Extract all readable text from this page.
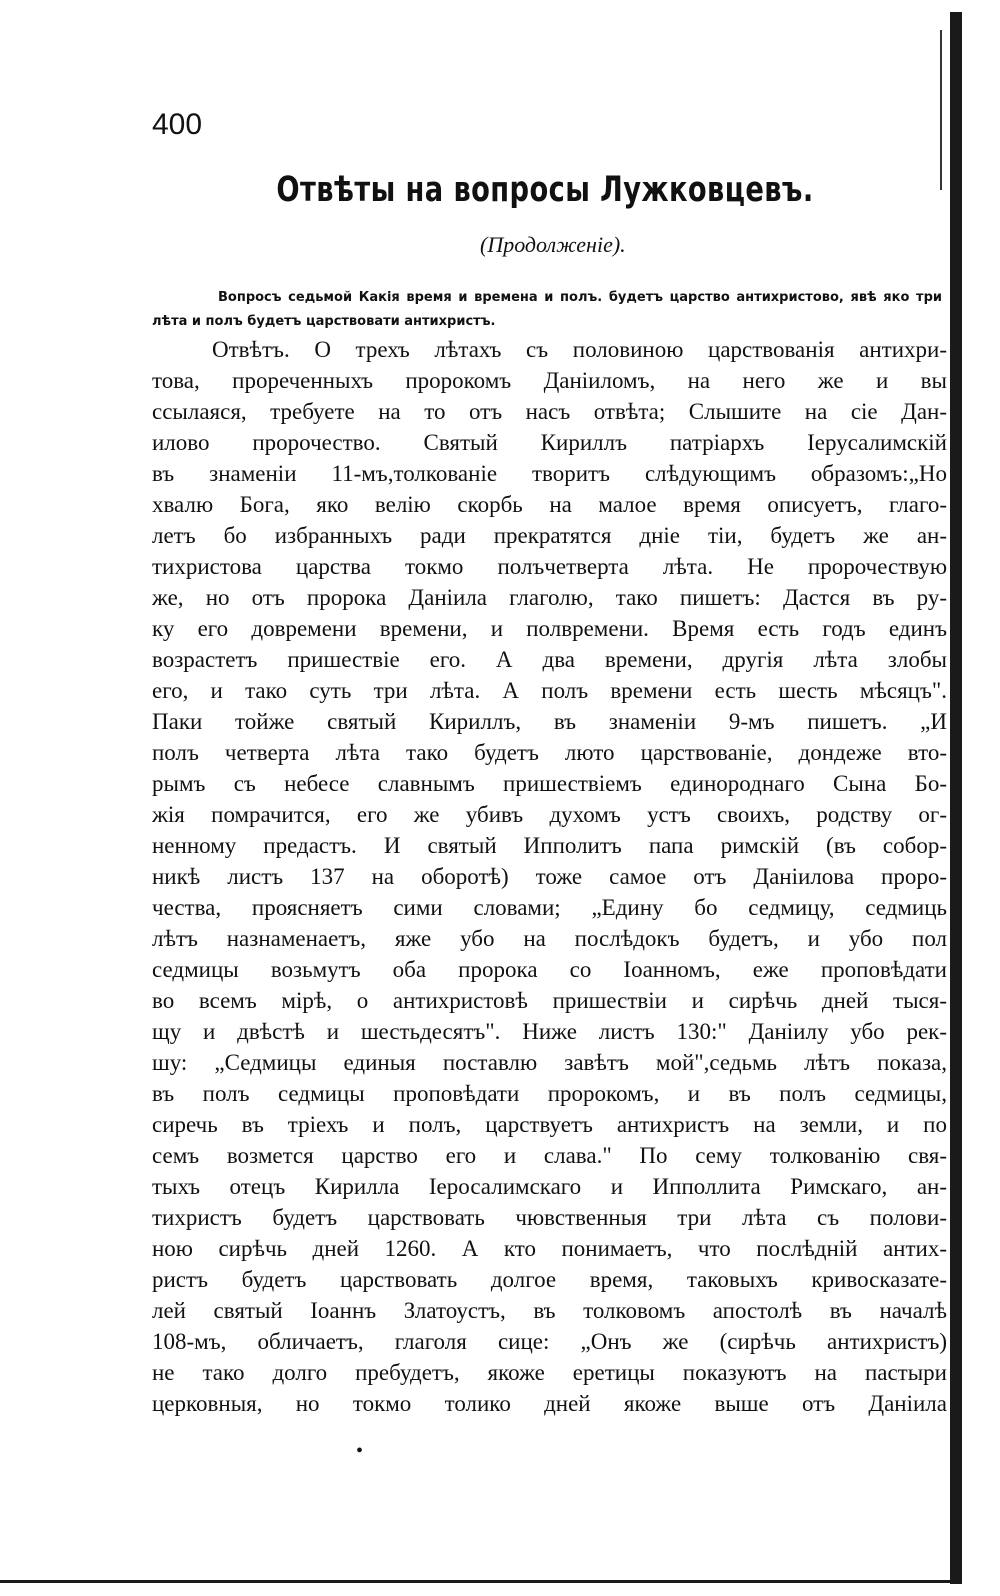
400
Отвѣты на вопросы Лужковцевъ.
(Продолженіе).
Вопросъ седьмой Какія время и времена и полъ. будетъ царство антихристово, явѣ яко три лѣта и полъ будетъ царствовати антихристъ.
Отвѣтъ. О трехъ лѣтахъ съ половиною царствованія антихри-
това, прореченныхъ пророкомъ Даніиломъ, на него же и вы
ссылаяся, требуете на то отъ насъ отвѣта; Слышите на сіе Дан-
илово пророчество. Святый Кириллъ патріархъ Іерусалимскій
въ знаменіи 11-мъ,толкованіе творитъ слѣдующимъ образомъ:„Но
хвалю Бога, яко велію скорбь на малое время описуетъ, глаго-
летъ бо избранныхъ ради прекратятся дніе тіи, будетъ же ан-
тихристова царства токмо полъчетверта лѣта. Не пророчествую
же, но отъ пророка Даніила глаголю, тако пишетъ: Дастся въ ру-
ку его довремени времени, и полвремени. Время есть годъ единъ
возрастетъ пришествіе его. А два времени, другія лѣта злобы
его, и тако суть три лѣта. А полъ времени есть шесть мѣсяцъ".
Паки тойже святый Кириллъ, въ знаменіи 9-мъ пишетъ. „И
полъ четверта лѣта тако будетъ люто царствованіе, дондеже вто-
рымъ съ небесе славнымъ пришествіемъ единороднаго Сына Бо-
жія помрачится, его же убивъ духомъ устъ своихъ, родству ог-
ненному предастъ. И святый Ипполитъ папа римскій (въ собор-
никѣ листъ 137 на оборотѣ) тоже самое отъ Даніилова проро-
чества, проясняетъ сими словами; „Едину бо седмицу, седмиць
лѣтъ назнаменаетъ, яже убо на послѣдокъ будетъ, и убо пол
седмицы возьмутъ оба пророка со Іоанномъ, еже проповѣдати
во всемъ мірѣ, о антихристовѣ пришествіи и сирѣчь дней тыся-
щу и двѣстѣ и шестьдесятъ". Ниже листъ 130:" Даніилу убо рек-
шу: „Седмицы единыя поставлю завѣтъ мой",седьмь лѣтъ показа,
въ полъ седмицы проповѣдати пророкомъ, и въ полъ седмицы,
сиречь въ тріехъ и полъ, царствуетъ антихристъ на земли, и по
семъ возмется царство его и слава." По сему толкованію свя-
тыхъ отецъ Кирилла Іеросалимскаго и Ипполлита Римскаго, ан-
тихристъ будетъ царствовать чювственныя три лѣта съ полови-
ною сирѣчь дней 1260. А кто понимаетъ, что послѣднiй антих-
ристъ будетъ царствовать долгое время, таковыхъ кривосказате-
лей святый Іоаннъ Златоустъ, въ толковомъ апостолѣ въ началѣ
108-мъ, обличаетъ, глаголя сице: „Онъ же (сирѣчь антихристъ)
не тако долго пребудетъ, якоже еретицы показуютъ на пастыри
церковныя, но токмо толико дней якоже выше отъ Даніила
•
